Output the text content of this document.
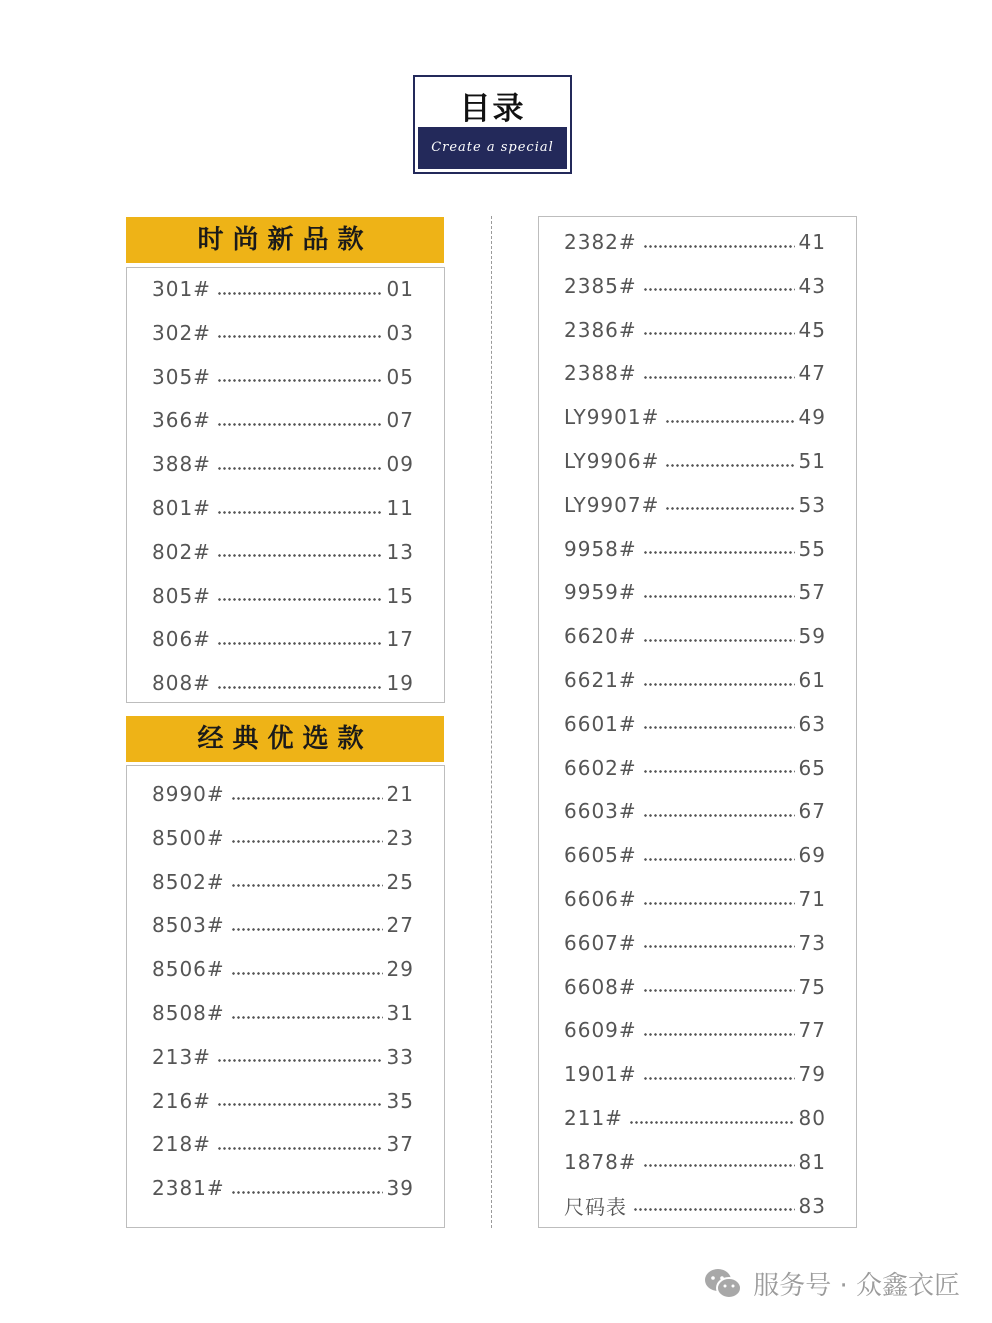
目录
Create a special
时尚新品款
301#	01
302#	03
305#	05
366#	07
388#	09
801#	11
802#	13
805#	15
806#	17
808#	19
经典优选款
8990#	21
8500#	23
8502#	25
8503#	27
8506#	29
8508#	31
213#	33
216#	35
218#	37
2381#	39
2382#	41
2385#	43
2386#	45
2388#	47
LY9901#	49
LY9906#	51
LY9907#	53
9958#	55
9959#	57
6620#	59
6621#	61
6601#	63
6602#	65
6603#	67
6605#	69
6606#	71
6607#	73
6608#	75
6609#	77
1901#	79
211#	80
1878#	81
尺码表	83
服务号 · 众鑫衣匠
